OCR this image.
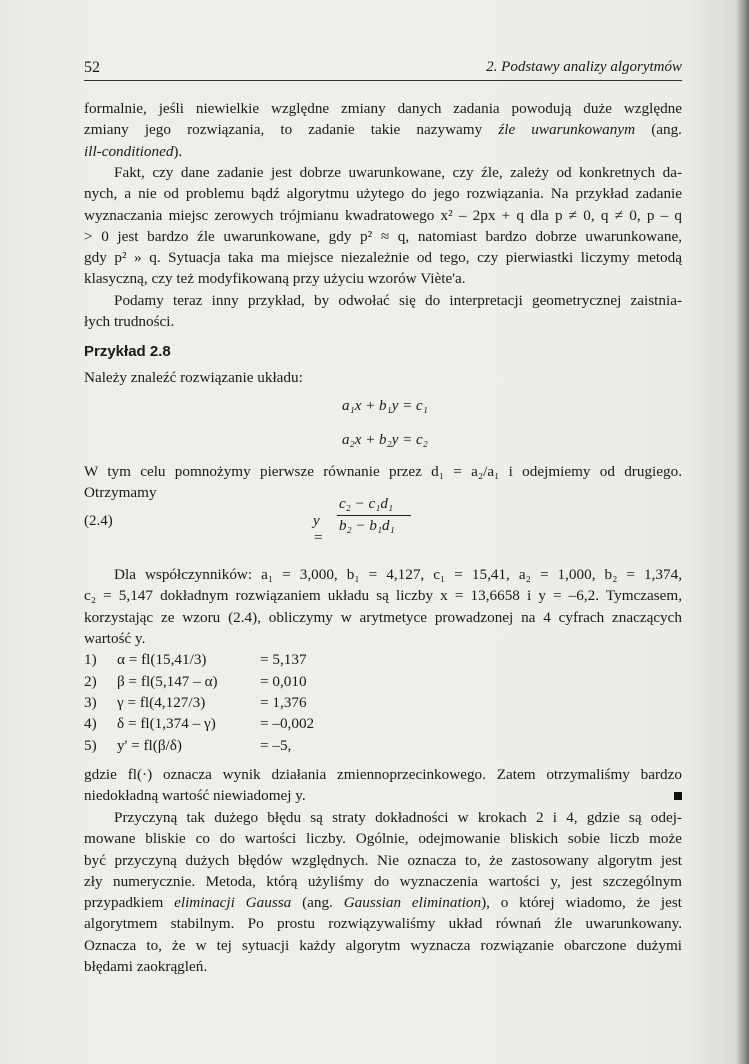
52	2. Podstawy analizy algorytmów
formalnie, jeśli niewielkie względne zmiany danych zadania powodują duże względne
zmiany jego rozwiązania, to zadanie takie nazywamy źle uwarunkowanym (ang.
ill-conditioned).
Fakt, czy dane zadanie jest dobrze uwarunkowane, czy źle, zależy od konkretnych da-
nych, a nie od problemu bądź algorytmu użytego do jego rozwiązania. Na przykład zadanie
wyznaczania miejsc zerowych trójmianu kwadratowego x² – 2px + q dla p ≠ 0, q ≠ 0, p – q
> 0 jest bardzo źle uwarunkowane, gdy p² ≈ q, natomiast bardzo dobrze uwarunkowane,
gdy p² » q. Sytuacja taka ma miejsce niezależnie od tego, czy pierwiastki liczymy metodą
klasyczną, czy też modyfikowaną przy użyciu wzorów Viète'a.
Podamy teraz inny przykład, by odwołać się do interpretacji geometrycznej zaistnia-
łych trudności.
Przykład 2.8
Należy znaleźć rozwiązanie układu:
a₁x + b₁y = c₁
a₂x + b₂y = c₂
W tym celu pomnożymy pierwsze równanie przez d₁ = a₂/a₁ i odejmiemy od drugiego.
Otrzymamy
(2.4)	y =
c₂ − c₁d₁
b₂ − b₁d₁
Dla współczynników: a₁ = 3,000, b₁ = 4,127, c₁ = 15,41, a₂ = 1,000, b₂ = 1,374,
c₂ = 5,147 dokładnym rozwiązaniem układu są liczby x = 13,6658 i y = –6,2. Tymczasem,
korzystając ze wzoru (2.4), obliczymy w arytmetyce prowadzonej na 4 cyfrach znaczących
wartość y.
1) α = fl(15,41/3)	= 5,137
2) β = fl(5,147 – α)	= 0,010
3) γ = fl(4,127/3)	= 1,376
4) δ = fl(1,374 – γ)	= –0,002
5) y' = fl(β/δ)	= –5,
gdzie fl(·) oznacza wynik działania zmiennoprzecinkowego. Zatem otrzymaliśmy bardzo
niedokładną wartość niewiadomej y.
Przyczyną tak dużego błędu są straty dokładności w krokach 2 i 4, gdzie są odej-
mowane bliskie co do wartości liczby. Ogólnie, odejmowanie bliskich sobie liczb może
być przyczyną dużych błędów względnych. Nie oznacza to, że zastosowany algorytm jest
zły numerycznie. Metoda, którą użyliśmy do wyznaczenia wartości y, jest szczególnym
przypadkiem eliminacji Gaussa (ang. Gaussian elimination), o której wiadomo, że jest
algorytmem stabilnym. Po prostu rozwiązywaliśmy układ równań źle uwarunkowany.
Oznacza to, że w tej sytuacji każdy algorytm wyznacza rozwiązanie obarczone dużymi
błędami zaokrągleń.
